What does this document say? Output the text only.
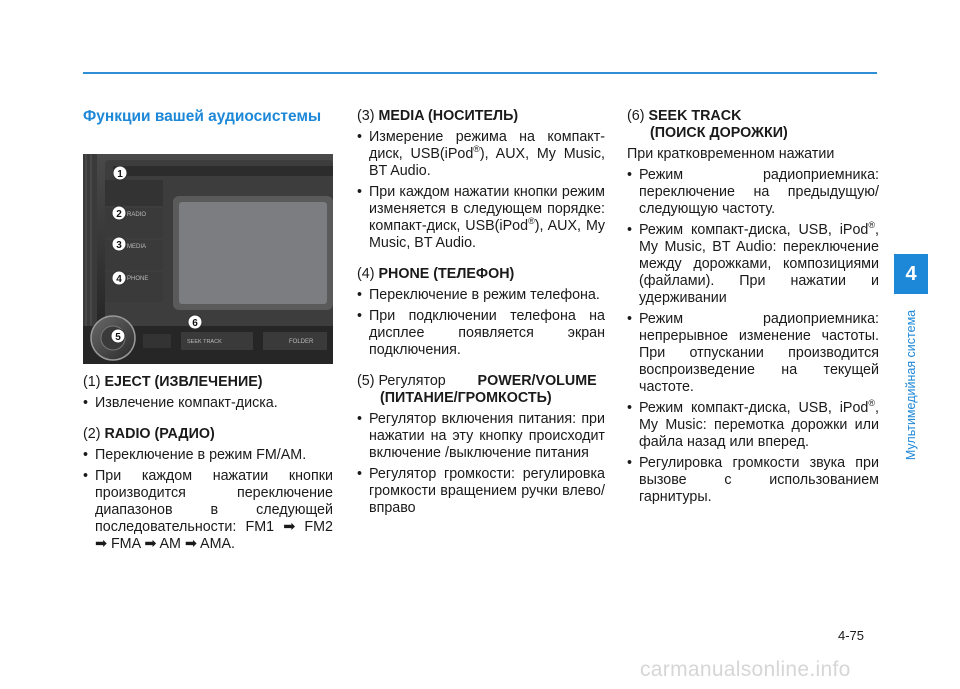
4
Мультимедийная система
Функции вашей аудиосистемы
RADIO
MEDIA
PHONE
SEEK TRACK	FOLDER
1
2
3
4
5
6
(1) EJECT (ИЗВЛЕЧЕНИЕ)
• Извлечение компакт-диска.
(2) RADIO (РАДИО)
• Переключение в режим FM/AM.
• При каждом нажатии кнопки производится переключение диапазонов в следующей последовательности: FM1 ➡ FM2 ➡ FMA ➡ AM ➡ AMA.
(3) MEDIA (НОСИТЕЛЬ)
• Измерение режима на компакт-диск, USB(iPod®), AUX, My Music, BT Audio.
• При каждом нажатии кнопки режим изменяется в следующем порядке: компакт-диск, USB(iPod®), AUX, My Music, BT Audio.
(4) PHONE (ТЕЛЕФОН)
• Переключение в режим телефона.
• При подключении телефона на дисплее появляется экран подключения.
(5) Регулятор POWER/VOLUME
(ПИТАНИЕ/ГРОМКОСТЬ)
• Регулятор включения питания: при нажатии на эту кнопку происходит включение /выключение питания
• Регулятор громкости: регулировка громкости вращением ручки влево/вправо
(6) SEEK TRACK
(ПОИСК ДОРОЖКИ)
При кратковременном нажатии
• Режим радиоприемника: переключение на предыдущую/следующую частоту.
• Режим компакт-диска, USB, iPod®, My Music, BT Audio: переключение между дорожками, композициями (файлами). При нажатии и удерживании
• Режим радиоприемника: непрерывное изменение частоты. При отпускании производится воспроизведение на текущей частоте.
• Режим компакт-диска, USB, iPod®, My Music: перемотка дорожки или файла назад или вперед.
• Регулировка громкости звука при вызове с использованием гарнитуры.
4-75
carmanualsonline.info
